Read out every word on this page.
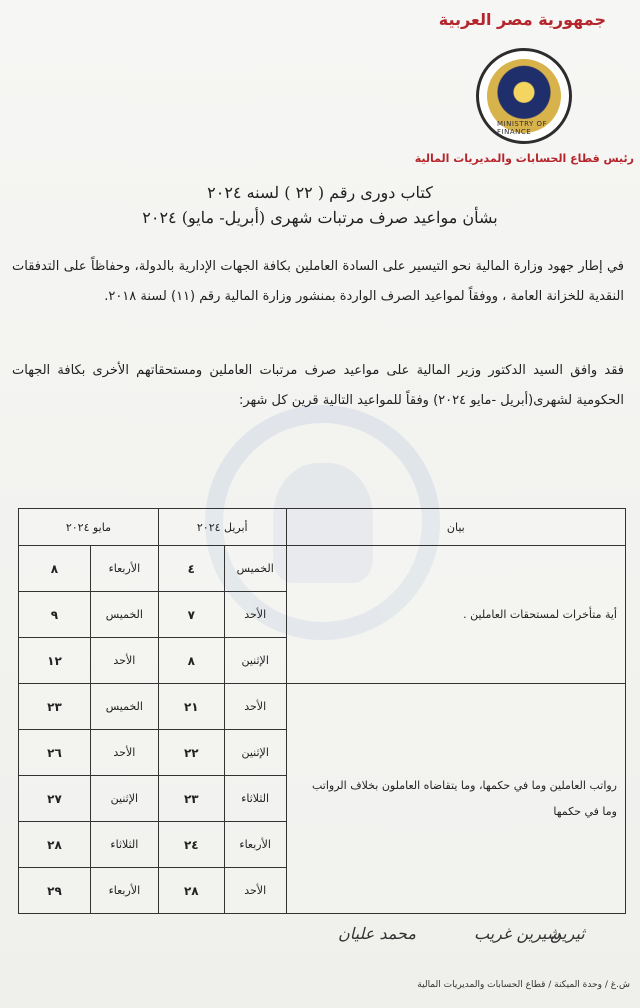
جمهورية مصر العربية
MINISTRY OF FINANCE
رئيس قطاع الحسابات والمديريات المالية
كتاب دورى رقم ( ٢٢ ) لسنه ٢٠٢٤
بشأن مواعيد صرف مرتبات شهرى (أبريل- مايو) ٢٠٢٤
في إطار جهود وزارة المالية نحو التيسير على السادة العاملين بكافة الجهات الإدارية بالدولة، وحفاظاً على التدفقات النقدية للخزانة العامة ، ووفقاً لمواعيد الصرف الواردة بمنشور وزارة المالية رقم (١١) لسنة ٢٠١٨.
فقد وافق السيد الدكتور وزير المالية على مواعيد صرف مرتبات العاملين ومستحقاتهم الأخرى بكافة الجهات الحكومية لشهرى(أبريل -مايو ٢٠٢٤) وفقاً للمواعيد التالية قرين كل شهر:
بيان	أبريل ٢٠٢٤		مايو ٢٠٢٤	
أية متأخرات لمستحقات العاملين .	الخميس	٤	الأربعاء	٨
	الأحد	٧	الخميس	٩
	الإثنين	٨	الأحد	١٢
رواتب العاملين وما في حكمها، وما يتقاضاه العاملون بخلاف الرواتب وما في حكمها	الأحد	٢١	الخميس	٢٣
	الإثنين	٢٢	الأحد	٢٦
	الثلاثاء	٢٣	الإثنين	٢٧
	الأربعاء	٢٤	الثلاثاء	٢٨
	الأحد	٢٨	الأربعاء	٢٩
محمد عليان	شيرين غريب
ثيرين
ش.غ / وحدة الميكنة / قطاع الحسابات والمديريات المالية
